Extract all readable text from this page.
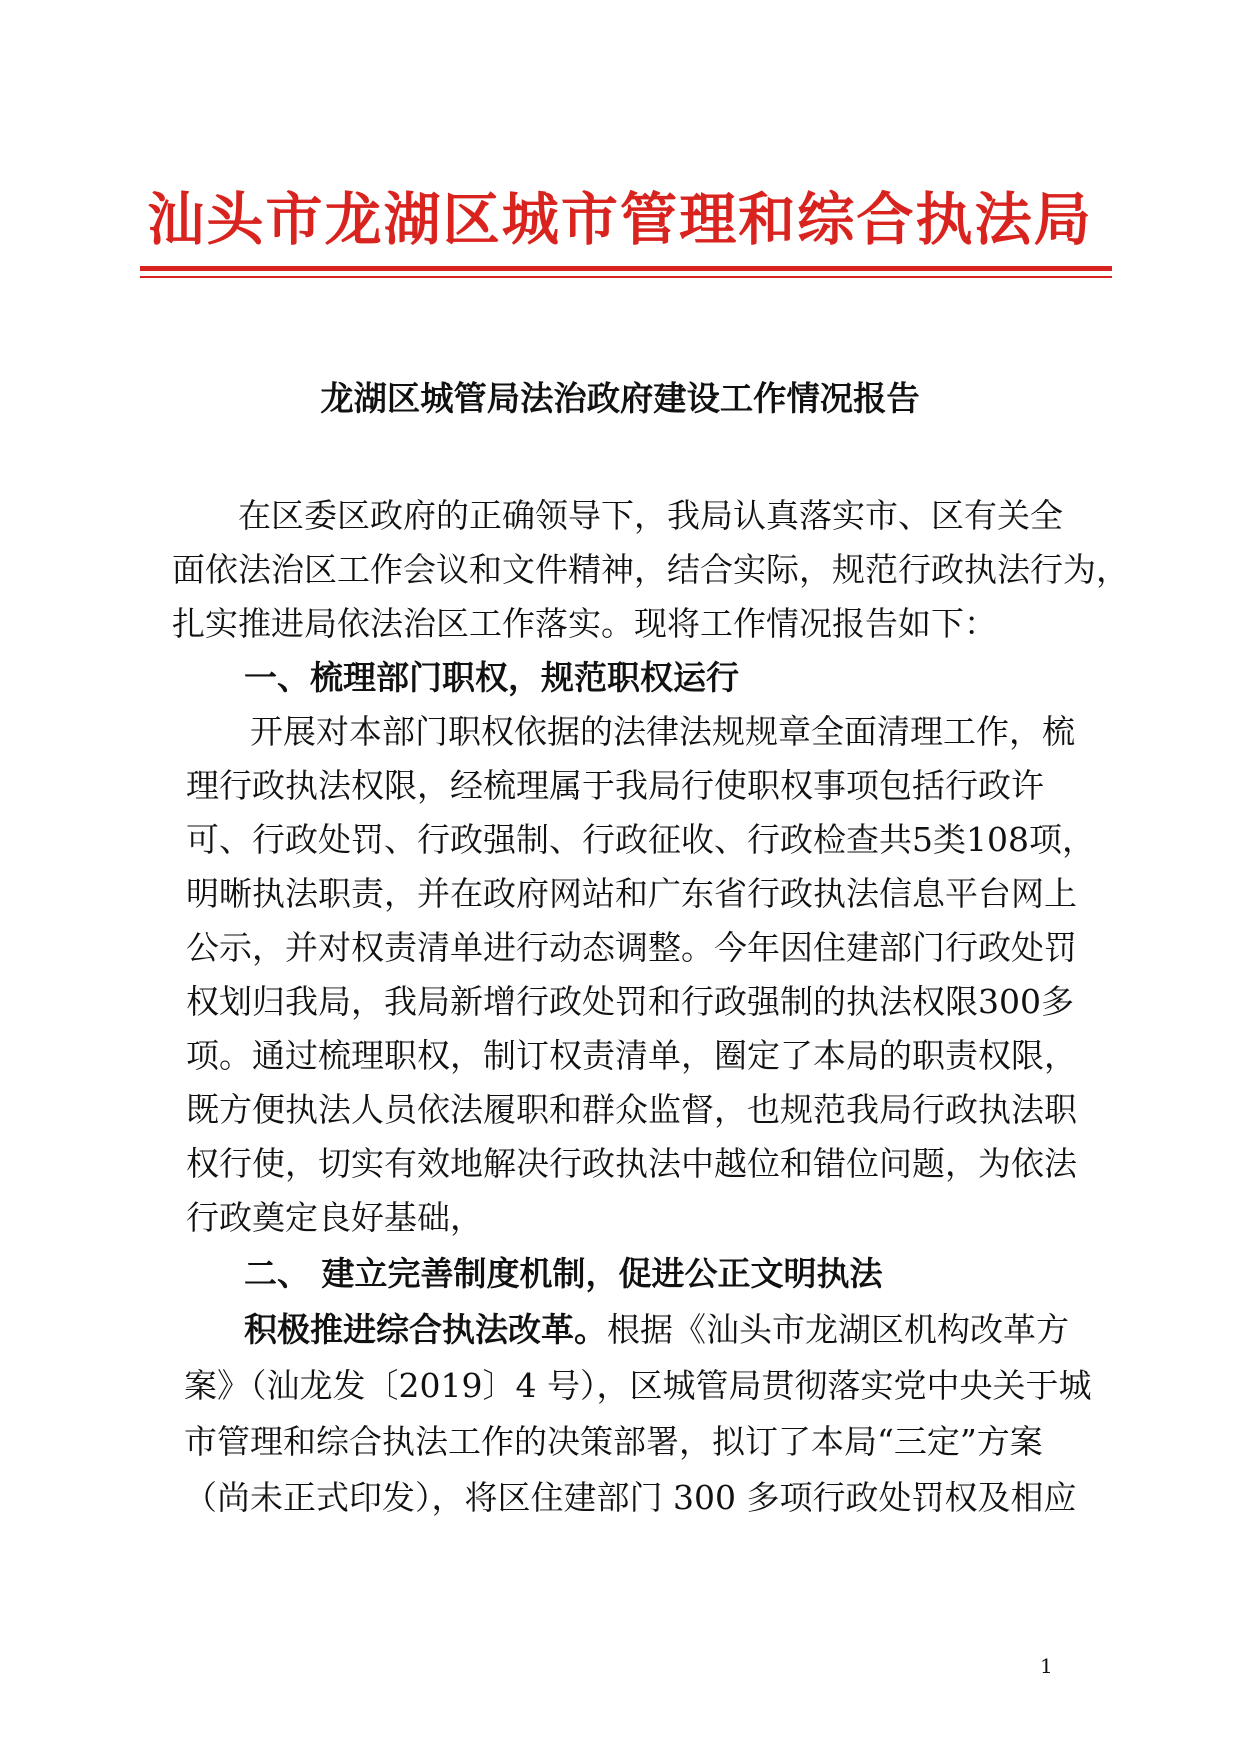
汕头市龙湖区城市管理和综合执法局
龙湖区城管局法治政府建设工作情况报告
在区委区政府的正确领导下，我局认真落实市、区有关全
面依法治区工作会议和文件精神，结合实际，规范行政执法行为，
扎实推进局依法治区工作落实。现将工作情况报告如下：
一、梳理部门职权，规范职权运行
开展对本部门职权依据的法律法规规章全面清理工作，梳
理行政执法权限，经梳理属于我局行使职权事项包括行政许
可、行政处罚、行政强制、行政征收、行政检查共5类108项，
明晰执法职责，并在政府网站和广东省行政执法信息平台网上
公示，并对权责清单进行动态调整。今年因住建部门行政处罚
权划归我局，我局新增行政处罚和行政强制的执法权限300多
项。通过梳理职权，制订权责清单，圈定了本局的职责权限，
既方便执法人员依法履职和群众监督，也规范我局行政执法职
权行使，切实有效地解决行政执法中越位和错位问题，为依法
行政奠定良好基础，
二、 建立完善制度机制，促进公正文明执法
积极推进综合执法改革。根据《汕头市龙湖区机构改革方
案》（汕龙发〔2019〕4 号），区城管局贯彻落实党中央关于城
市管理和综合执法工作的决策部署，拟订了本局“三定”方案
（尚未正式印发），将区住建部门 300 多项行政处罚权及相应
1
